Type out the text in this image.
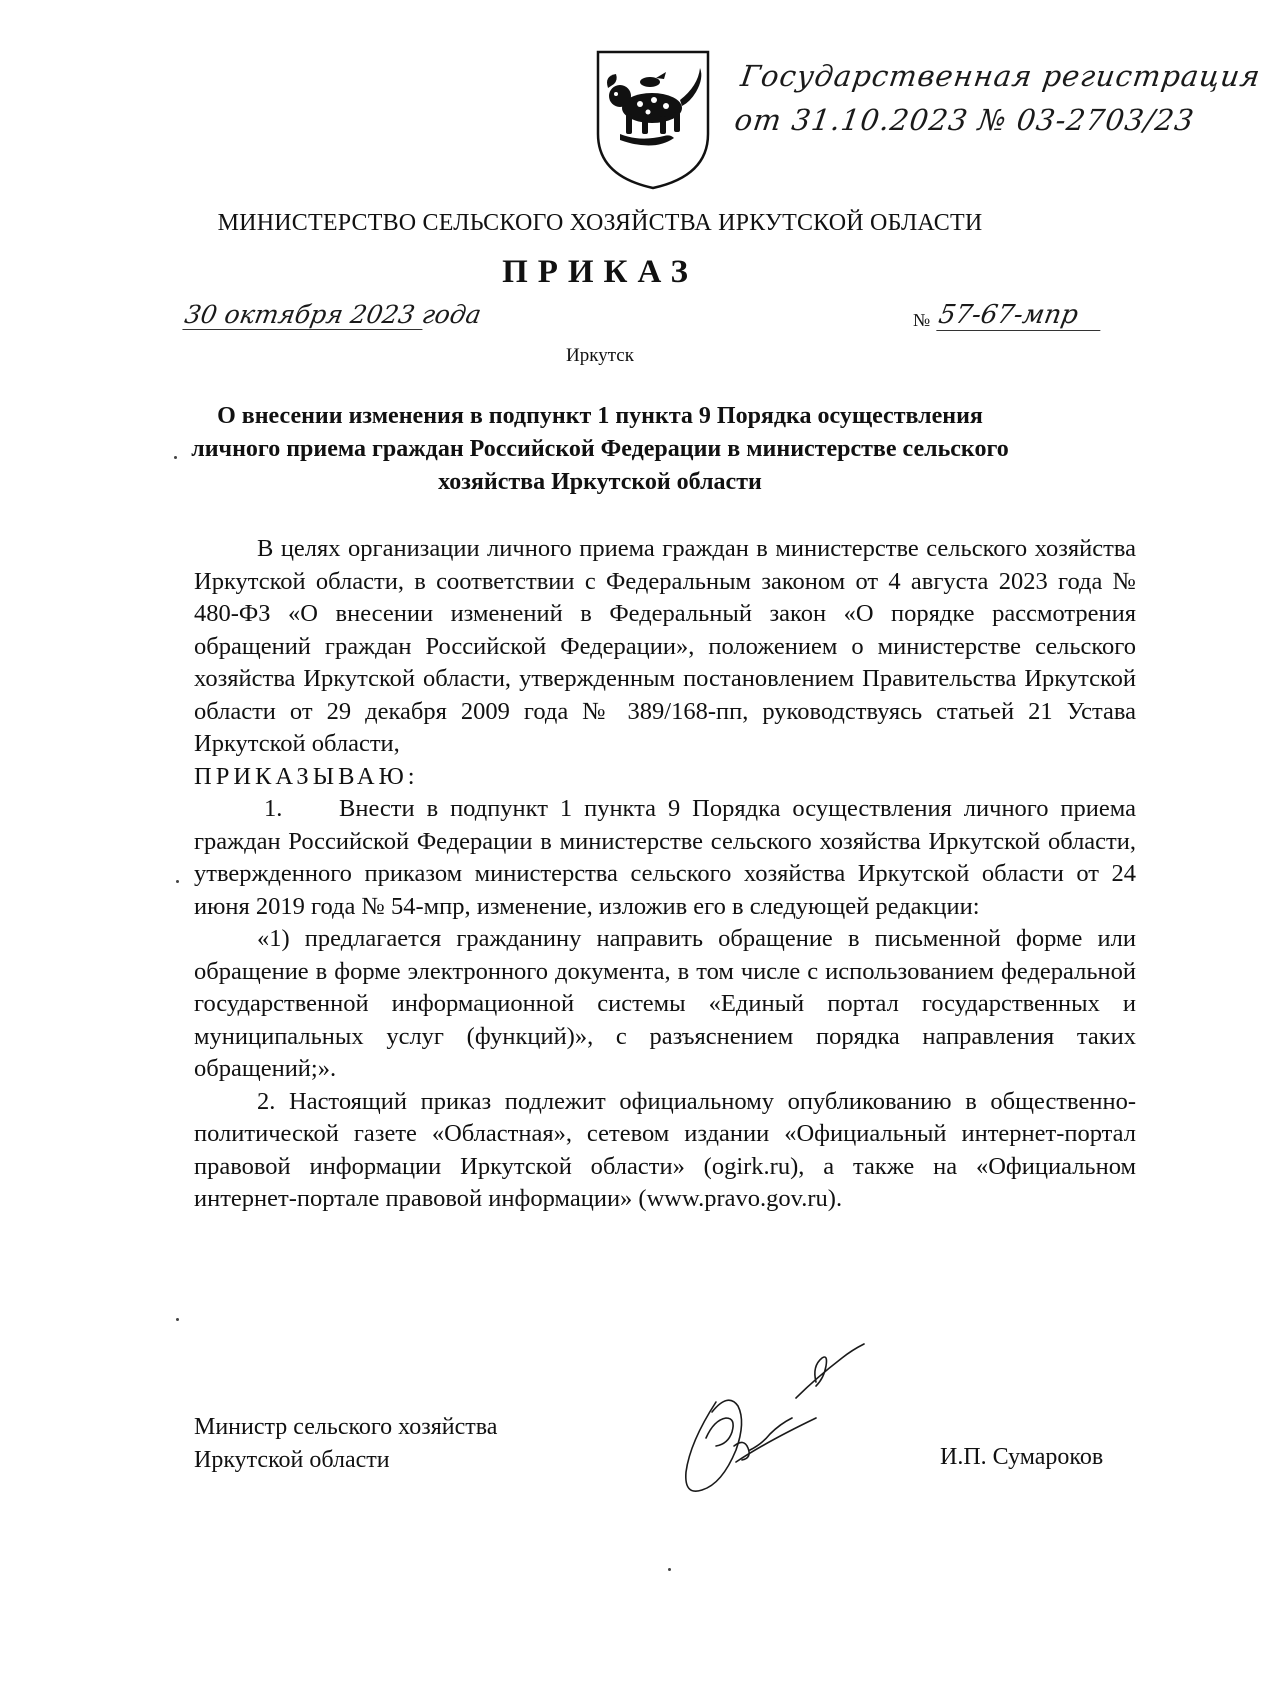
Государственная регистрация
от 31.10.2023 № 03-2703/23
МИНИСТЕРСТВО СЕЛЬСКОГО ХОЗЯЙСТВА ИРКУТСКОЙ ОБЛАСТИ
ПРИКАЗ
30 октября 2023 года	№ 57-67-мпр
Иркутск
О внесении изменения в подпункт 1 пункта 9 Порядка осуществления личного приема граждан Российской Федерации в министерстве сельского хозяйства Иркутской области

В целях организации личного приема граждан в министерстве сельского хозяйства Иркутской области, в соответствии с Федеральным законом от 4 августа 2023 года № 480-ФЗ «О внесении изменений в Федеральный закон «О порядке рассмотрения обращений граждан Российской Федерации», положением о министерстве сельского хозяйства Иркутской области, утвержденным постановлением Правительства Иркутской области от 29 декабря 2009 года № 389/168-пп, руководствуясь статьей 21 Устава Иркутской области,

ПРИКАЗЫВАЮ:

1. Внести в подпункт 1 пункта 9 Порядка осуществления личного приема граждан Российской Федерации в министерстве сельского хозяйства Иркутской области, утвержденного приказом министерства сельского хозяйства Иркутской области от 24 июня 2019 года № 54-мпр, изменение, изложив его в следующей редакции:

«1) предлагается гражданину направить обращение в письменной форме или обращение в форме электронного документа, в том числе с использованием федеральной государственной информационной системы «Единый портал государственных и муниципальных услуг (функций)», с разъяснением порядка направления таких обращений;».

2. Настоящий приказ подлежит официальному опубликованию в общественно-политической газете «Областная», сетевом издании «Официальный интернет-портал правовой информации Иркутской области» (ogirk.ru), а также на «Официальном интернет-портале правовой информации» (www.pravo.gov.ru).

Министр сельского хозяйства
Иркутской области	И.П. Сумароков
